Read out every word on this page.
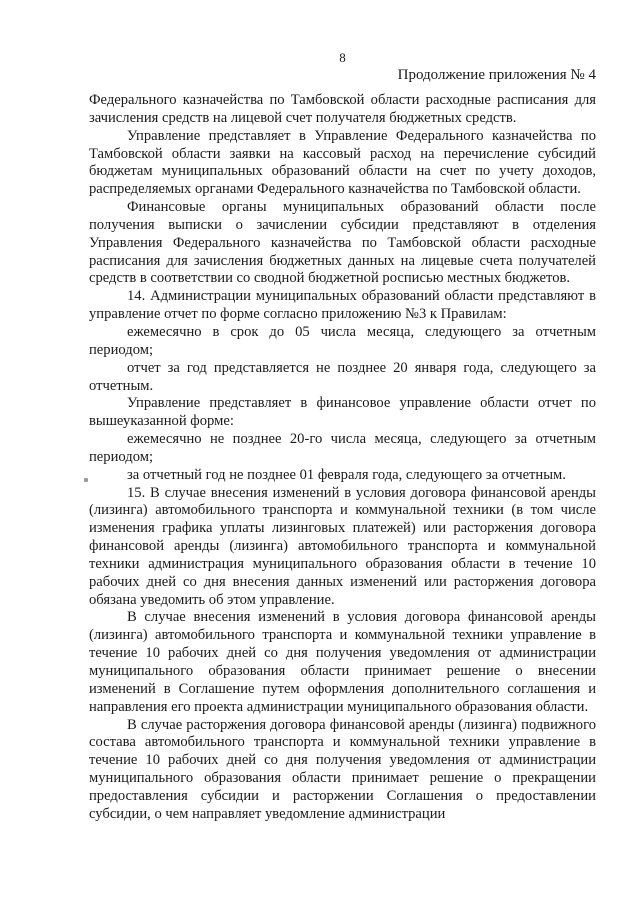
8
Продолжение приложения № 4

Федерального казначейства по Тамбовской области расходные расписания для зачисления средств на лицевой счет получателя бюджетных средств.

Управление представляет в Управление Федерального казначейства по Тамбовской области заявки на кассовый расход на перечисление субсидий бюджетам муниципальных образований области на счет по учету доходов, распределяемых органами Федерального казначейства по Тамбовской области.

Финансовые органы муниципальных образований области после получения выписки о зачислении субсидии представляют в отделения Управления Федерального казначейства по Тамбовской области расходные расписания для зачисления бюджетных данных на лицевые счета получателей средств в соответствии со сводной бюджетной росписью местных бюджетов.

14. Администрации муниципальных образований области представляют в управление отчет по форме согласно приложению №3 к Правилам:

ежемесячно в срок до 05 числа месяца, следующего за отчетным периодом;

отчет за год представляется не позднее 20 января года, следующего за отчетным.

Управление представляет в финансовое управление области отчет по вышеуказанной форме:

ежемесячно не позднее 20-го числа месяца, следующего за отчетным периодом;

за отчетный год не позднее 01 февраля года, следующего за отчетным.

15. В случае внесения изменений в условия договора финансовой аренды (лизинга) автомобильного транспорта и коммунальной техники (в том числе изменения графика уплаты лизинговых платежей) или расторжения договора финансовой аренды (лизинга) автомобильного транспорта и коммунальной техники администрация муниципального образования области в течение 10 рабочих дней со дня внесения данных изменений или расторжения договора обязана уведомить об этом управление.

В случае внесения изменений в условия договора финансовой аренды (лизинга) автомобильного транспорта и коммунальной техники управление в течение 10 рабочих дней со дня получения уведомления от администрации муниципального образования области принимает решение о внесении изменений в Соглашение путем оформления дополнительного соглашения и направления его проекта администрации муниципального образования области.

В случае расторжения договора финансовой аренды (лизинга) подвижного состава автомобильного транспорта и коммунальной техники управление в течение 10 рабочих дней со дня получения уведомления от администрации муниципального образования области принимает решение о прекращении предоставления субсидии и расторжении Соглашения о предоставлении субсидии, о чем направляет уведомление администрации
